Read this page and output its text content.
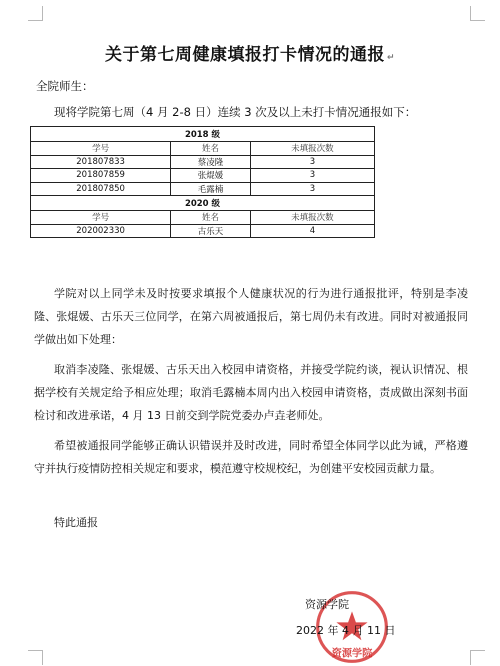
关于第七周健康填报打卡情况的通报 ↵
全院师生：
现将学院第七周（4 月 2-8 日）连续 3 次及以上未打卡情况通报如下：
2018 级		
学号	姓名	未填报次数
201807833	蔡凌隆	3
201807859	张焜媛	3
201807850	毛露楠	3
2020 级		
学号	姓名	未填报次数
202002330	古乐天	4
学院对以上同学未及时按要求填报个人健康状况的行为进行通报批评，特别是李凌隆、张焜媛、古乐天三位同学，在第六周被通报后，第七周仍未有改进。同时对被通报同学做出如下处理：
取消李凌隆、张焜媛、古乐天出入校园申请资格，并接受学院约谈，视认识情况、根据学校有关规定给予相应处理；取消毛露楠本周内出入校园申请资格，责成做出深刻书面检讨和改进承诺，4 月 13 日前交到学院党委办卢垚老师处。
希望被通报同学能够正确认识错误并及时改进，同时希望全体同学以此为诫，严格遵守并执行疫情防控相关规定和要求，模范遵守校规校纪，为创建平安校园贡献力量。
特此通报
资源学院
资源学院
2022 年 4 月 11 日
